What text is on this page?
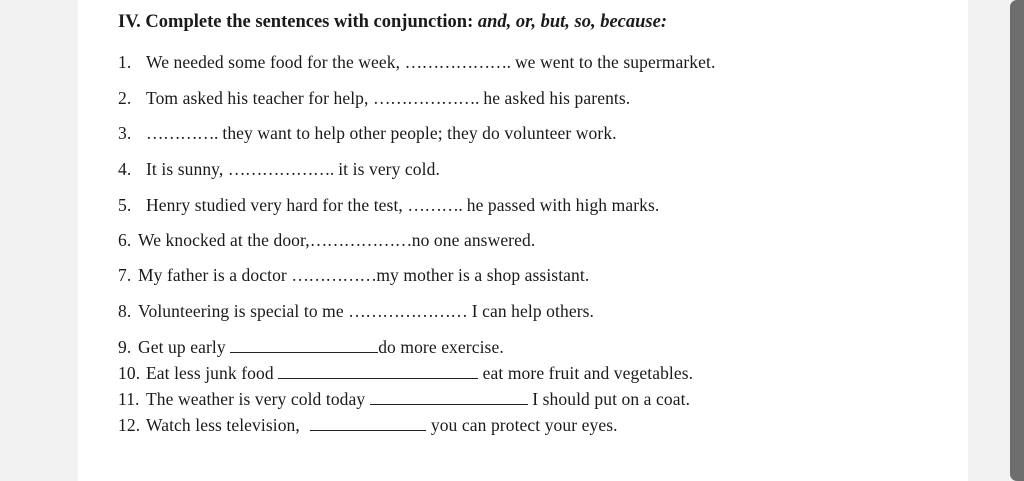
IV. Complete the sentences with conjunction: and, or, but, so, because:
1. We needed some food for the week, ………………. we went to the supermarket.
2. Tom asked his teacher for help, ………………. he asked his parents.
3. …………. they want to help other people; they do volunteer work.
4. It is sunny, ………………. it is very cold.
5. Henry studied very hard for the test, ………. he passed with high marks.
6. We knocked at the door,………………no one answered.
7. My father is a doctor ……………my mother is a shop assistant.
8. Volunteering is special to me ………………… I can help others.
9. Get up early	do more exercise.
10. Eat less junk food	eat more fruit and vegetables.
11. The weather is very cold today	I should put on a coat.
12. Watch less television,	you can protect your eyes.
